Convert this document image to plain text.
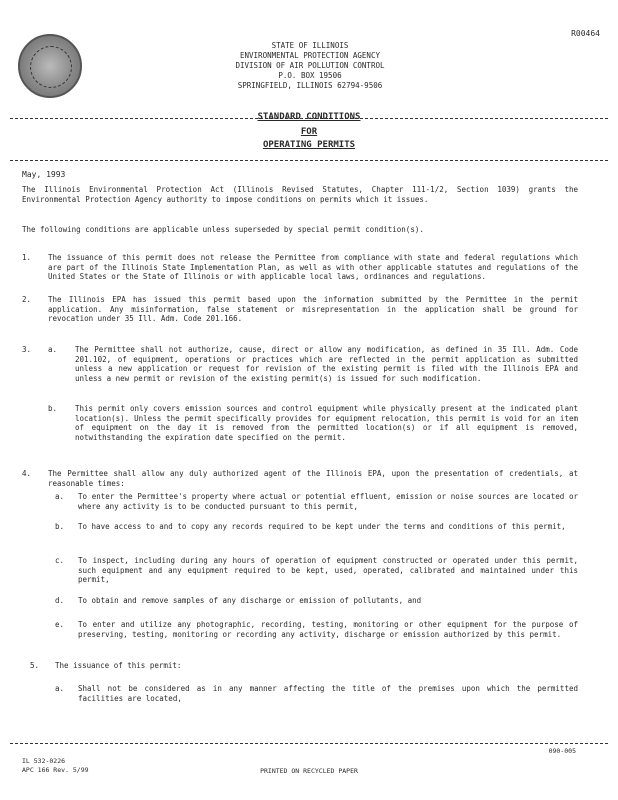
R00464
STATE OF ILLINOIS
ENVIRONMENTAL PROTECTION AGENCY
DIVISION OF AIR POLLUTION CONTROL
P.O. BOX 19506
SPRINGFIELD, ILLINOIS 62794-9506
STANDARD CONDITIONS
FOR
OPERATING PERMITS
May, 1993
The Illinois Environmental Protection Act (Illinois Revised Statutes, Chapter 111-1/2, Section 1039) grants the Environmental Protection Agency authority to impose conditions on permits which it issues.
The following conditions are applicable unless superseded by special permit condition(s).
1. The issuance of this permit does not release the Permittee from compliance with state and federal regulations which are part of the Illinois State Implementation Plan, as well as with other applicable statutes and regulations of the United States or the State of Illinois or with applicable local laws, ordinances and regulations.
2. The Illinois EPA has issued this permit based upon the information submitted by the Permittee in the permit application. Any misinformation, false statement or misrepresentation in the application shall be ground for revocation under 35 Ill. Adm. Code 201.166.
3. a. The Permittee shall not authorize, cause, direct or allow any modification, as defined in 35 Ill. Adm. Code 201.102, of equipment, operations or practices which are reflected in the permit application as submitted unless a new application or request for revision of the existing permit is filed with the Illinois EPA and unless a new permit or revision of the existing permit(s) is issued for such modification.
b. This permit only covers emission sources and control equipment while physically present at the indicated plant location(s). Unless the permit specifically provides for equipment relocation, this permit is void for an item of equipment on the day it is removed from the permitted location(s) or if all equipment is removed, notwithstanding the expiration date specified on the permit.
4. The Permittee shall allow any duly authorized agent of the Illinois EPA, upon the presentation of credentials, at reasonable times:
a. To enter the Permittee's property where actual or potential effluent, emission or noise sources are located or where any activity is to be conducted pursuant to this permit,
b. To have access to and to copy any records required to be kept under the terms and conditions of this permit,
c. To inspect, including during any hours of operation of equipment constructed or operated under this permit, such equipment and any equipment required to be kept, used, operated, calibrated and maintained under this permit,
d. To obtain and remove samples of any discharge or emission of pollutants, and
e. To enter and utilize any photographic, recording, testing, monitoring or other equipment for the purpose of preserving, testing, monitoring or recording any activity, discharge or emission authorized by this permit.
5. The issuance of this permit:
a. Shall not be considered as in any manner affecting the title of the premises upon which the permitted facilities are located,
090-005
IL 532-0226
APC 166 Rev. 5/99	PRINTED ON RECYCLED PAPER
